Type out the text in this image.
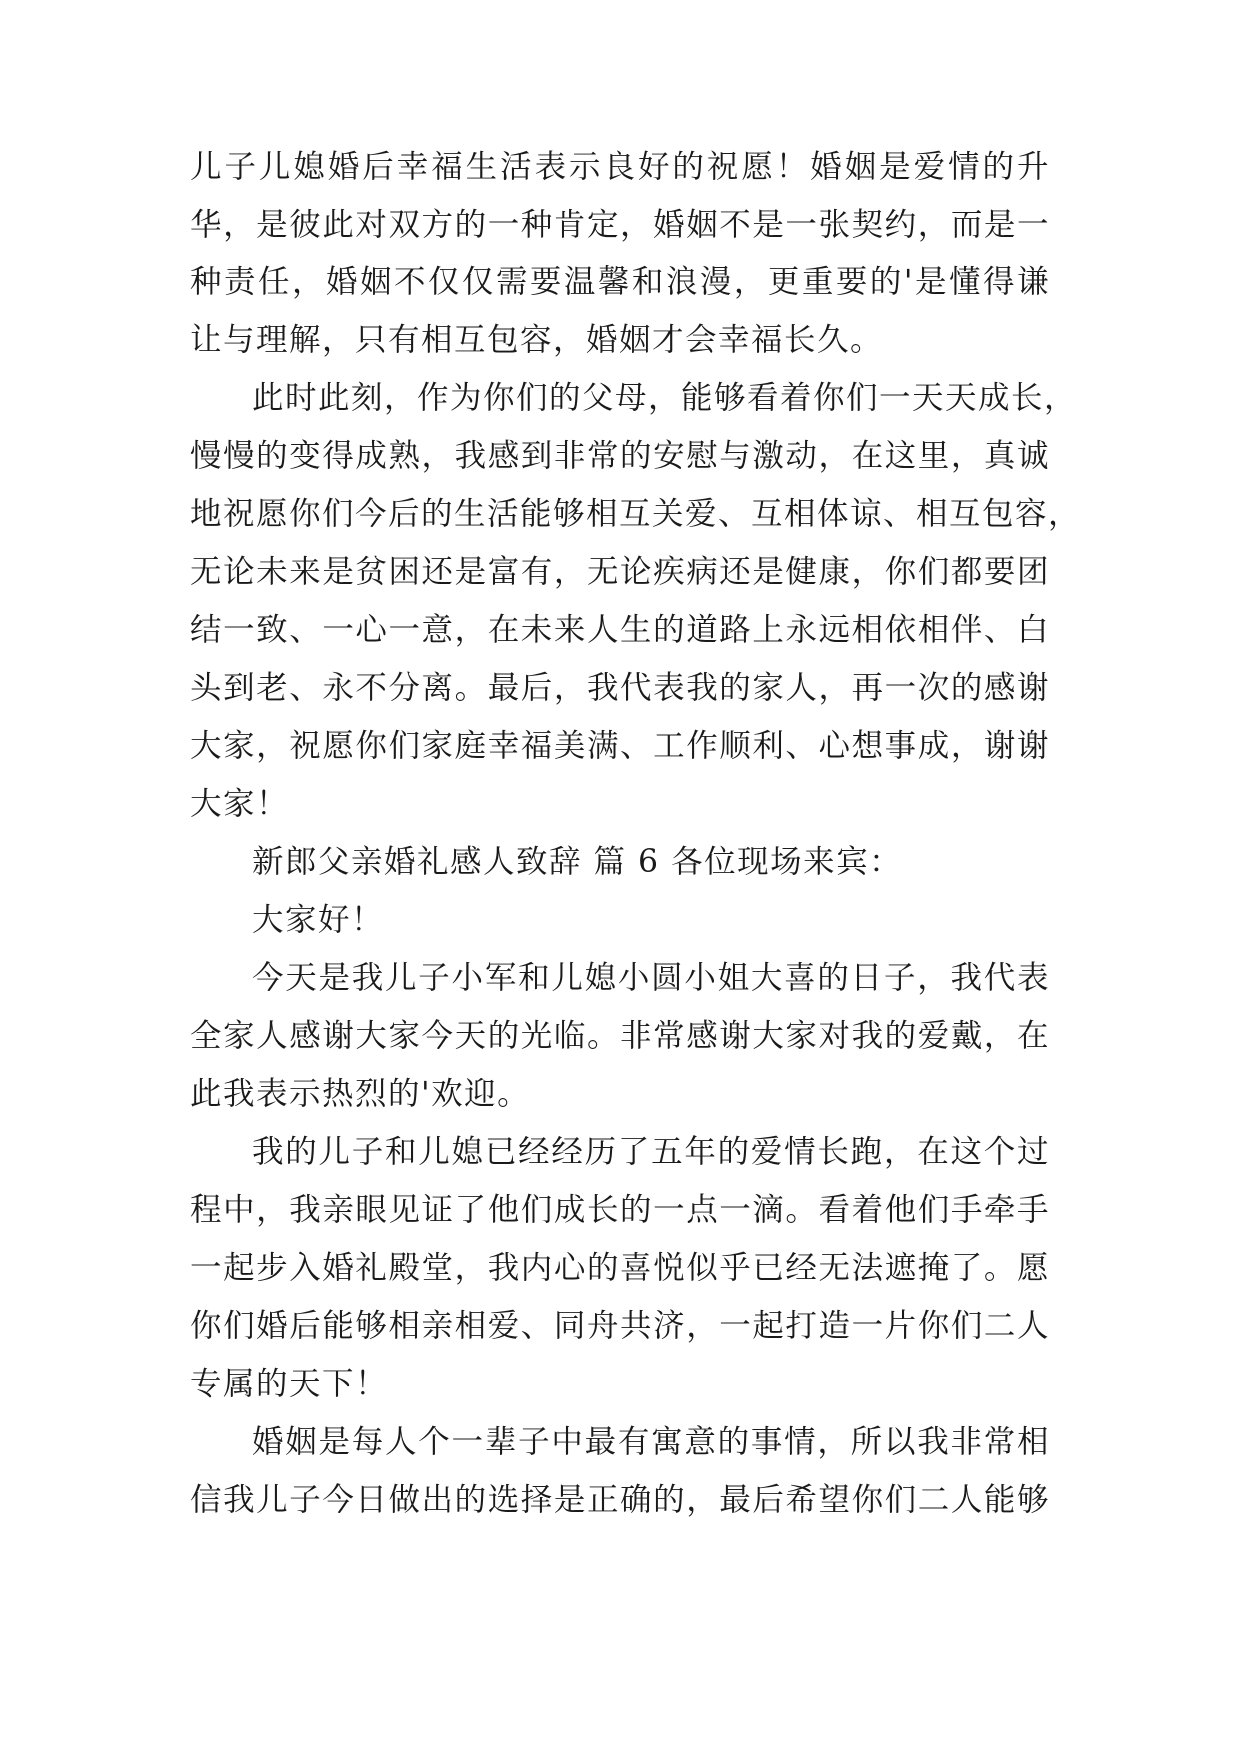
儿子儿媳婚后幸福生活表示良好的祝愿！婚姻是爱情的升
华，是彼此对双方的一种肯定，婚姻不是一张契约，而是一
种责任，婚姻不仅仅需要温馨和浪漫，更重要的'是懂得谦
让与理解，只有相互包容，婚姻才会幸福长久。
此时此刻，作为你们的父母，能够看着你们一天天成长，
慢慢的变得成熟，我感到非常的安慰与激动，在这里，真诚
地祝愿你们今后的生活能够相互关爱、互相体谅、相互包容，
无论未来是贫困还是富有，无论疾病还是健康，你们都要团
结一致、一心一意，在未来人生的道路上永远相依相伴、白
头到老、永不分离。最后，我代表我的家人，再一次的感谢
大家，祝愿你们家庭幸福美满、工作顺利、心想事成，谢谢
大家！
新郎父亲婚礼感人致辞 篇 6 各位现场来宾：
大家好！
今天是我儿子小军和儿媳小圆小姐大喜的日子，我代表
全家人感谢大家今天的光临。非常感谢大家对我的爱戴，在
此我表示热烈的'欢迎。
我的儿子和儿媳已经经历了五年的爱情长跑，在这个过
程中，我亲眼见证了他们成长的一点一滴。看着他们手牵手
一起步入婚礼殿堂，我内心的喜悦似乎已经无法遮掩了。愿
你们婚后能够相亲相爱、同舟共济，一起打造一片你们二人
专属的天下！
婚姻是每人个一辈子中最有寓意的事情，所以我非常相
信我儿子今日做出的选择是正确的，最后希望你们二人能够
